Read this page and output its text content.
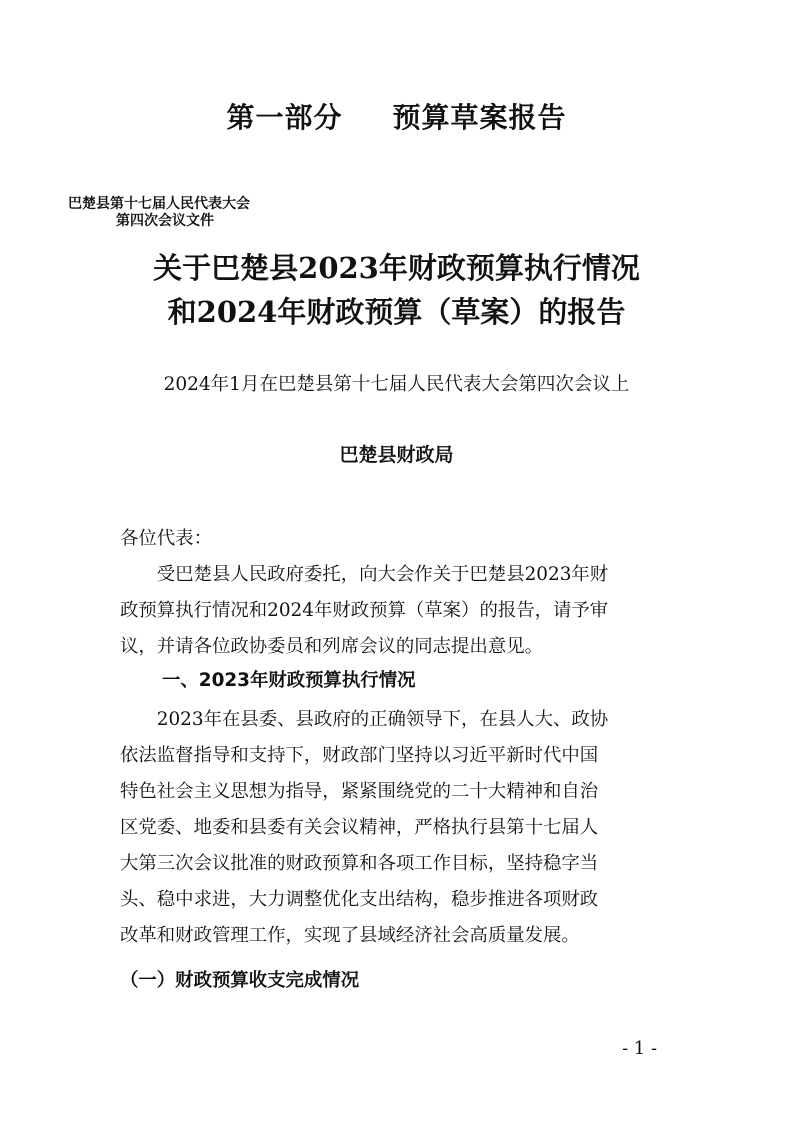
第一部分 预算草案报告
巴楚县第十七届人民代表大会
第四次会议文件
关于巴楚县2023年财政预算执行情况
和2024年财政预算（草案）的报告
2024年1月在巴楚县第十七届人民代表大会第四次会议上
巴楚县财政局
各位代表：
　　受巴楚县人民政府委托，向大会作关于巴楚县2023年财
政预算执行情况和2024年财政预算（草案）的报告，请予审
议，并请各位政协委员和列席会议的同志提出意见。
一、2023年财政预算执行情况
　　2023年在县委、县政府的正确领导下，在县人大、政协
依法监督指导和支持下，财政部门坚持以习近平新时代中国
特色社会主义思想为指导，紧紧围绕党的二十大精神和自治
区党委、地委和县委有关会议精神，严格执行县第十七届人
大第三次会议批准的财政预算和各项工作目标，坚持稳字当
头、稳中求进，大力调整优化支出结构，稳步推进各项财政
改革和财政管理工作，实现了县域经济社会高质量发展。
（一）财政预算收支完成情况
- 1 -
